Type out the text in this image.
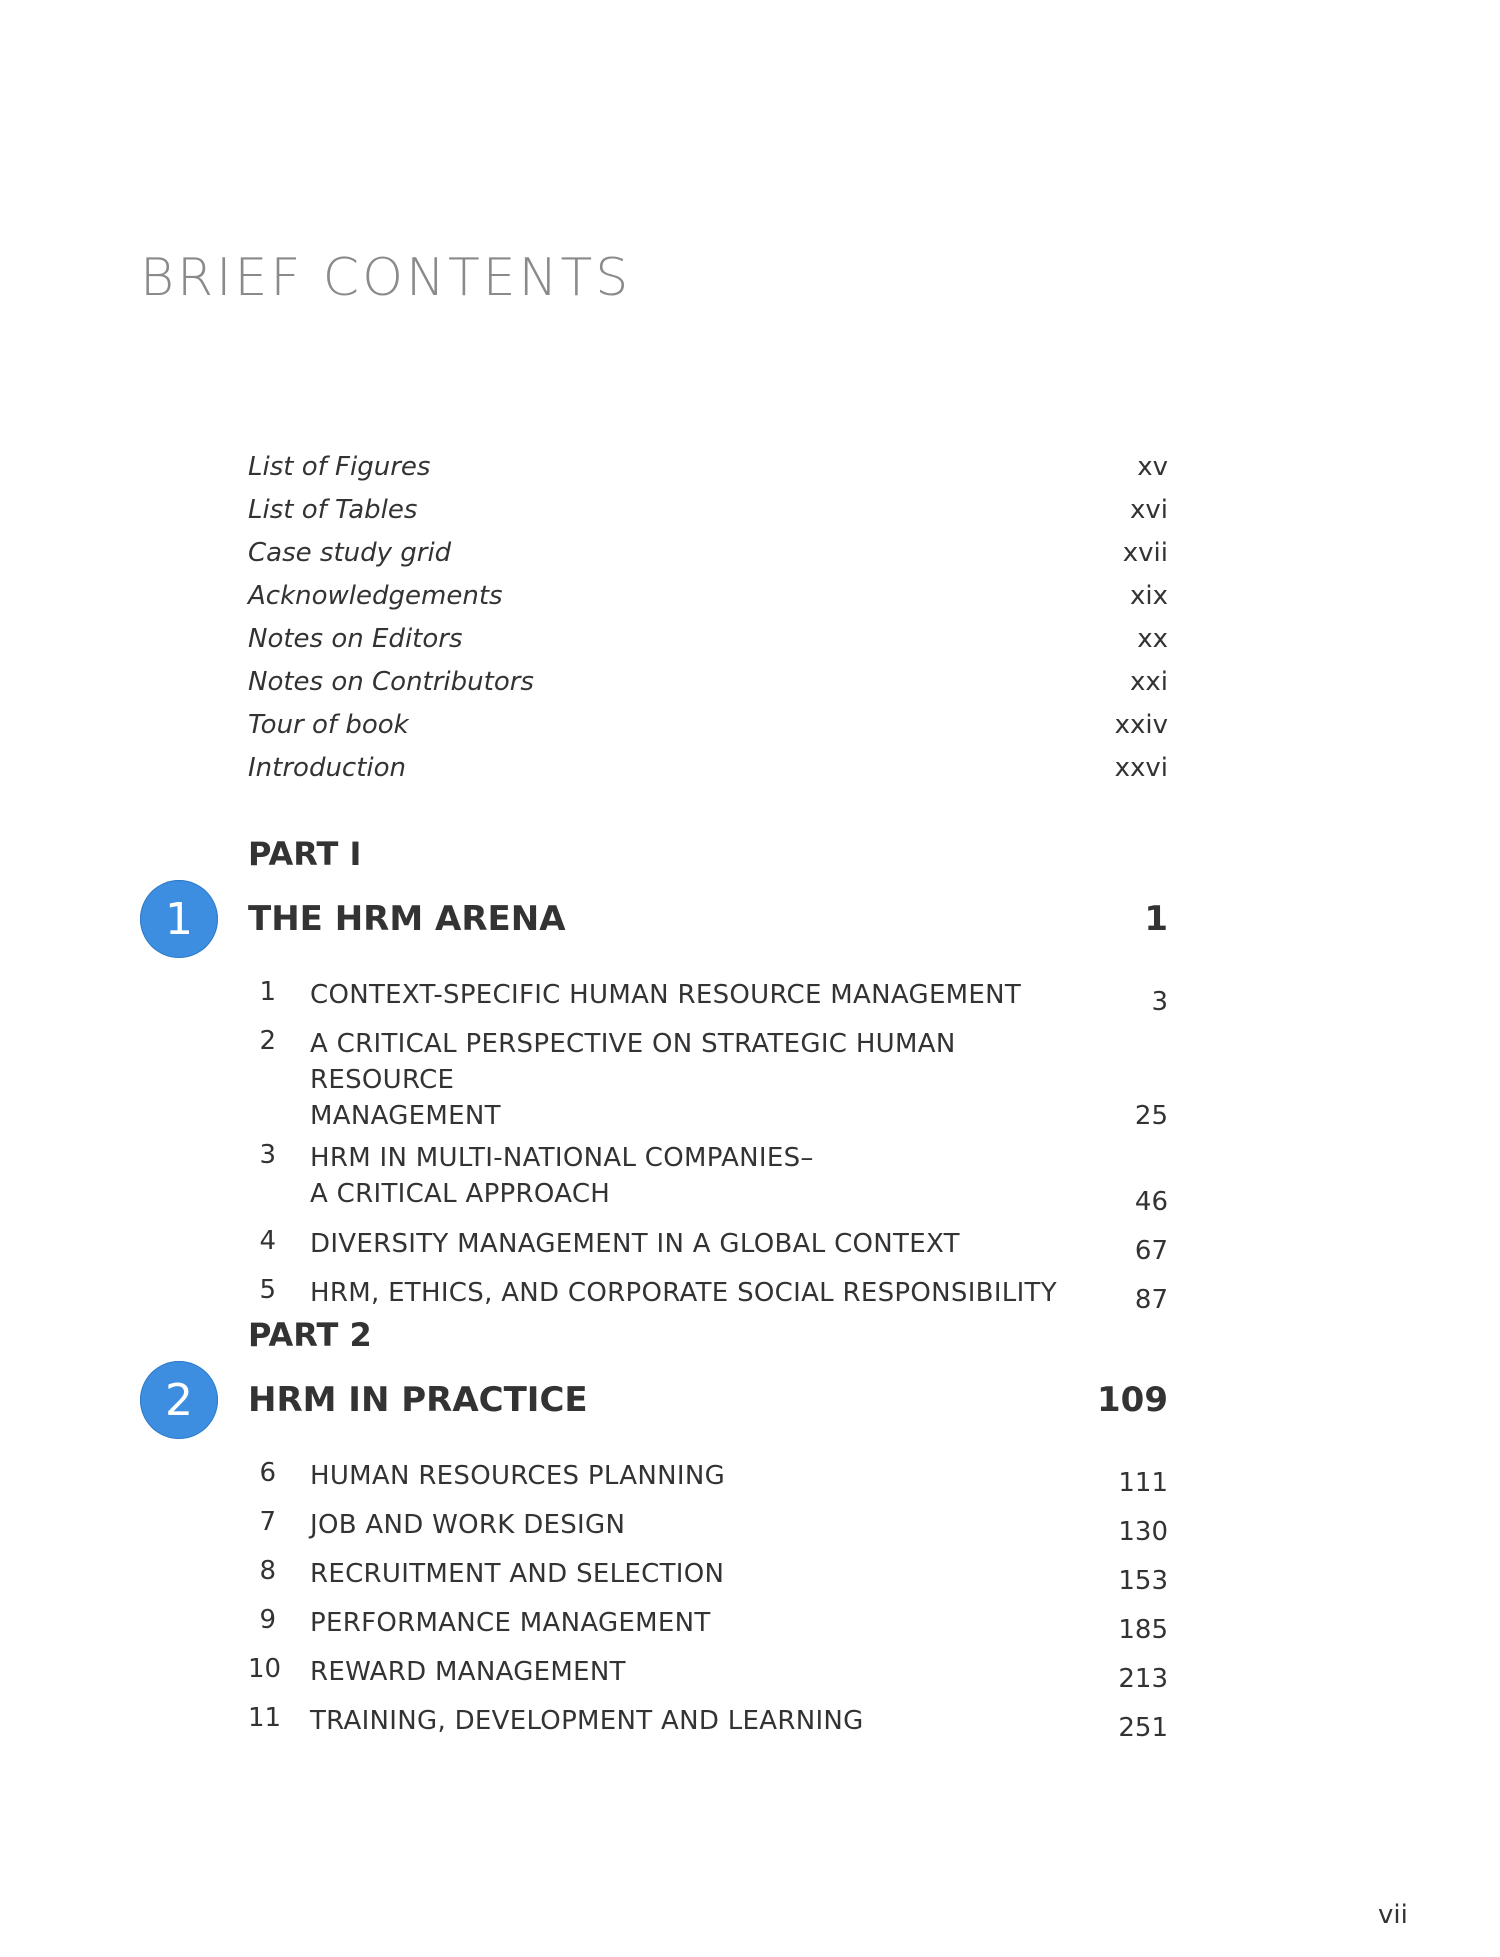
BRIEF CONTENTS
List of Figures	xv
List of Tables	xvi
Case study grid	xvii
Acknowledgements	xix
Notes on Editors	xx
Notes on Contributors	xxi
Tour of book	xxiv
Introduction	xxvi
PART I
1	THE HRM ARENA	1
1	CONTEXT-SPECIFIC HUMAN RESOURCE MANAGEMENT	3
2	A CRITICAL PERSPECTIVE ON STRATEGIC HUMAN RESOURCE
MANAGEMENT	25
3	HRM IN MULTI-NATIONAL COMPANIES–
A CRITICAL APPROACH	46
4	DIVERSITY MANAGEMENT IN A GLOBAL CONTEXT	67
5	HRM, ETHICS, AND CORPORATE SOCIAL RESPONSIBILITY	87
PART 2
2	HRM IN PRACTICE	109
6	HUMAN RESOURCES PLANNING	111
7	JOB AND WORK DESIGN	130
8	RECRUITMENT AND SELECTION	153
9	PERFORMANCE MANAGEMENT	185
10	REWARD MANAGEMENT	213
11	TRAINING, DEVELOPMENT AND LEARNING	251
vii
